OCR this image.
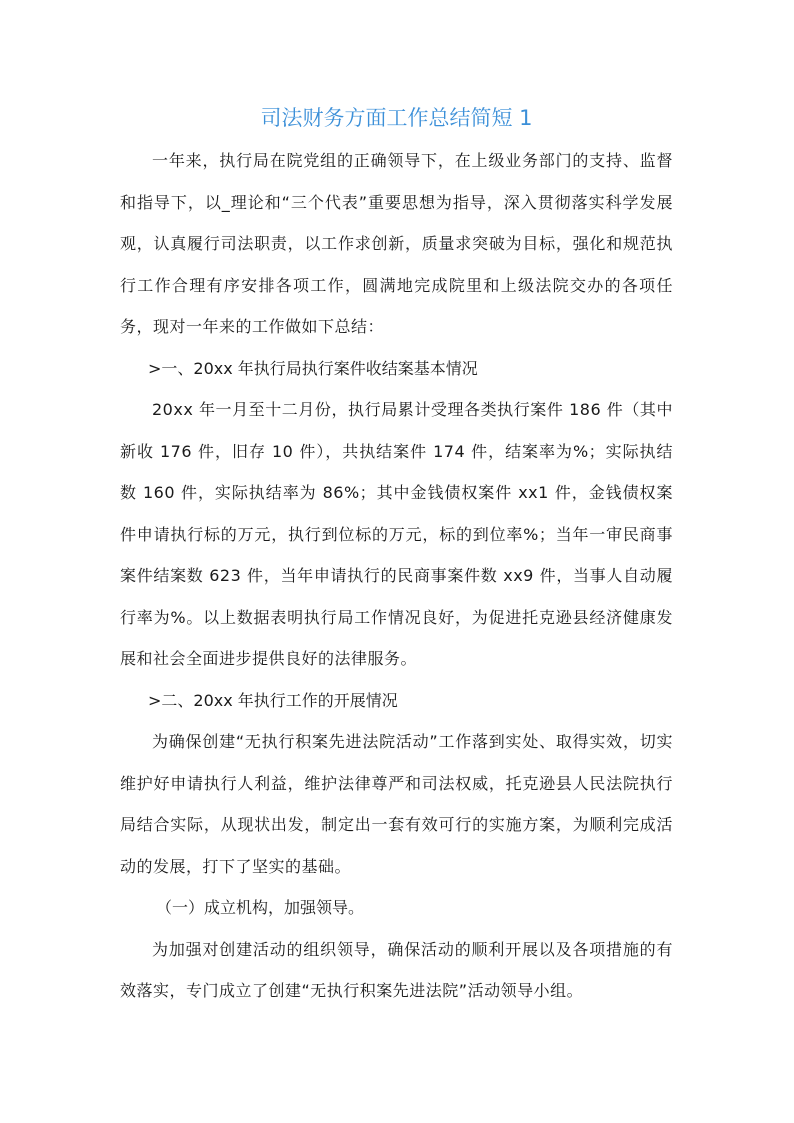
司法财务方面工作总结简短 1

一年来，执行局在院党组的正确领导下，在上级业务部门的支持、监督和指导下，以_理论和“三个代表”重要思想为指导，深入贯彻落实科学发展观，认真履行司法职责，以工作求创新，质量求突破为目标，强化和规范执行工作合理有序安排各项工作，圆满地完成院里和上级法院交办的各项任务，现对一年来的工作做如下总结：

>一、20xx 年执行局执行案件收结案基本情况

20xx 年一月至十二月份，执行局累计受理各类执行案件 186 件（其中新收 176 件，旧存 10 件），共执结案件 174 件，结案率为%；实际执结数 160 件，实际执结率为 86%；其中金钱债权案件 xx1 件，金钱债权案件申请执行标的万元，执行到位标的万元，标的到位率%；当年一审民商事案件结案数 623 件，当年申请执行的民商事案件数 xx9 件，当事人自动履行率为%。以上数据表明执行局工作情况良好，为促进托克逊县经济健康发展和社会全面进步提供良好的法律服务。

>二、20xx 年执行工作的开展情况

为确保创建“无执行积案先进法院活动”工作落到实处、取得实效，切实维护好申请执行人利益，维护法律尊严和司法权威，托克逊县人民法院执行局结合实际，从现状出发，制定出一套有效可行的实施方案，为顺利完成活动的发展，打下了坚实的基础。

（一）成立机构，加强领导。

为加强对创建活动的组织领导，确保活动的顺利开展以及各项措施的有效落实，专门成立了创建“无执行积案先进法院”活动领导小组。
